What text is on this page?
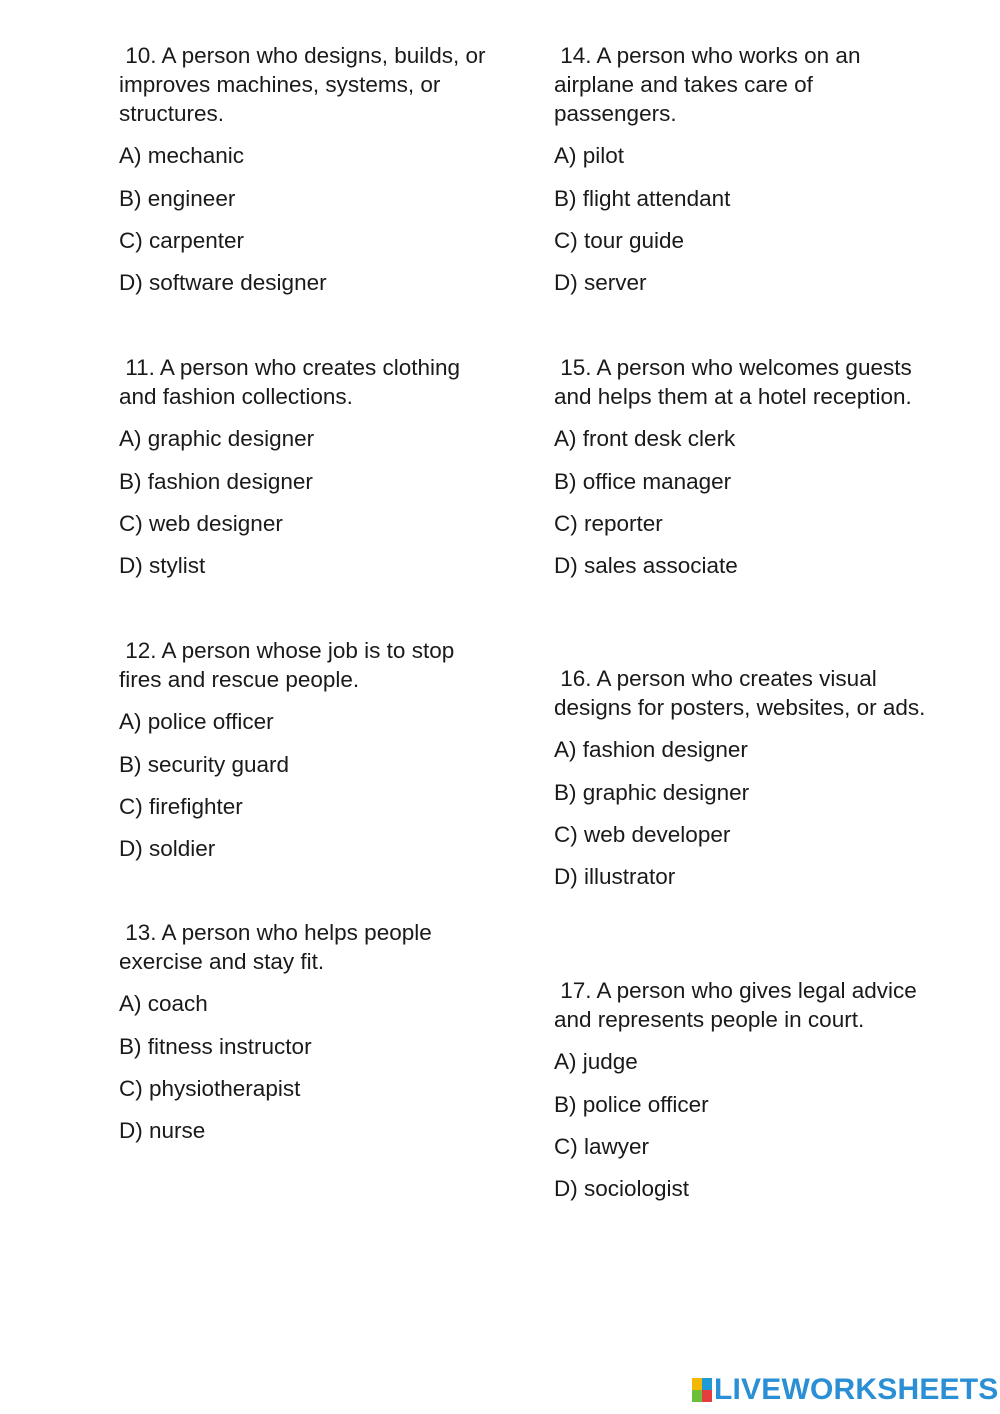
10. A person who designs, builds, or improves machines, systems, or structures.

A) mechanic
B) engineer
C) carpenter
D) software designer

11. A person who creates clothing and fashion collections.

A) graphic designer
B) fashion designer
C) web designer
D) stylist

12. A person whose job is to stop fires and rescue people.

A) police officer
B) security guard
C) firefighter
D) soldier

13. A person who helps people exercise and stay fit.

A) coach
B) fitness instructor
C) physiotherapist
D) nurse

14. A person who works on an airplane and takes care of passengers.

A) pilot
B) flight attendant
C) tour guide
D) server

15. A person who welcomes guests and helps them at a hotel reception.

A) front desk clerk
B) office manager
C) reporter
D) sales associate

16. A person who creates visual designs for posters, websites, or ads.

A) fashion designer
B) graphic designer
C) web developer
D) illustrator

17. A person who gives legal advice and represents people in court.

A) judge
B) police officer
C) lawyer
D) sociologist
LIVEWORKSHEETS
